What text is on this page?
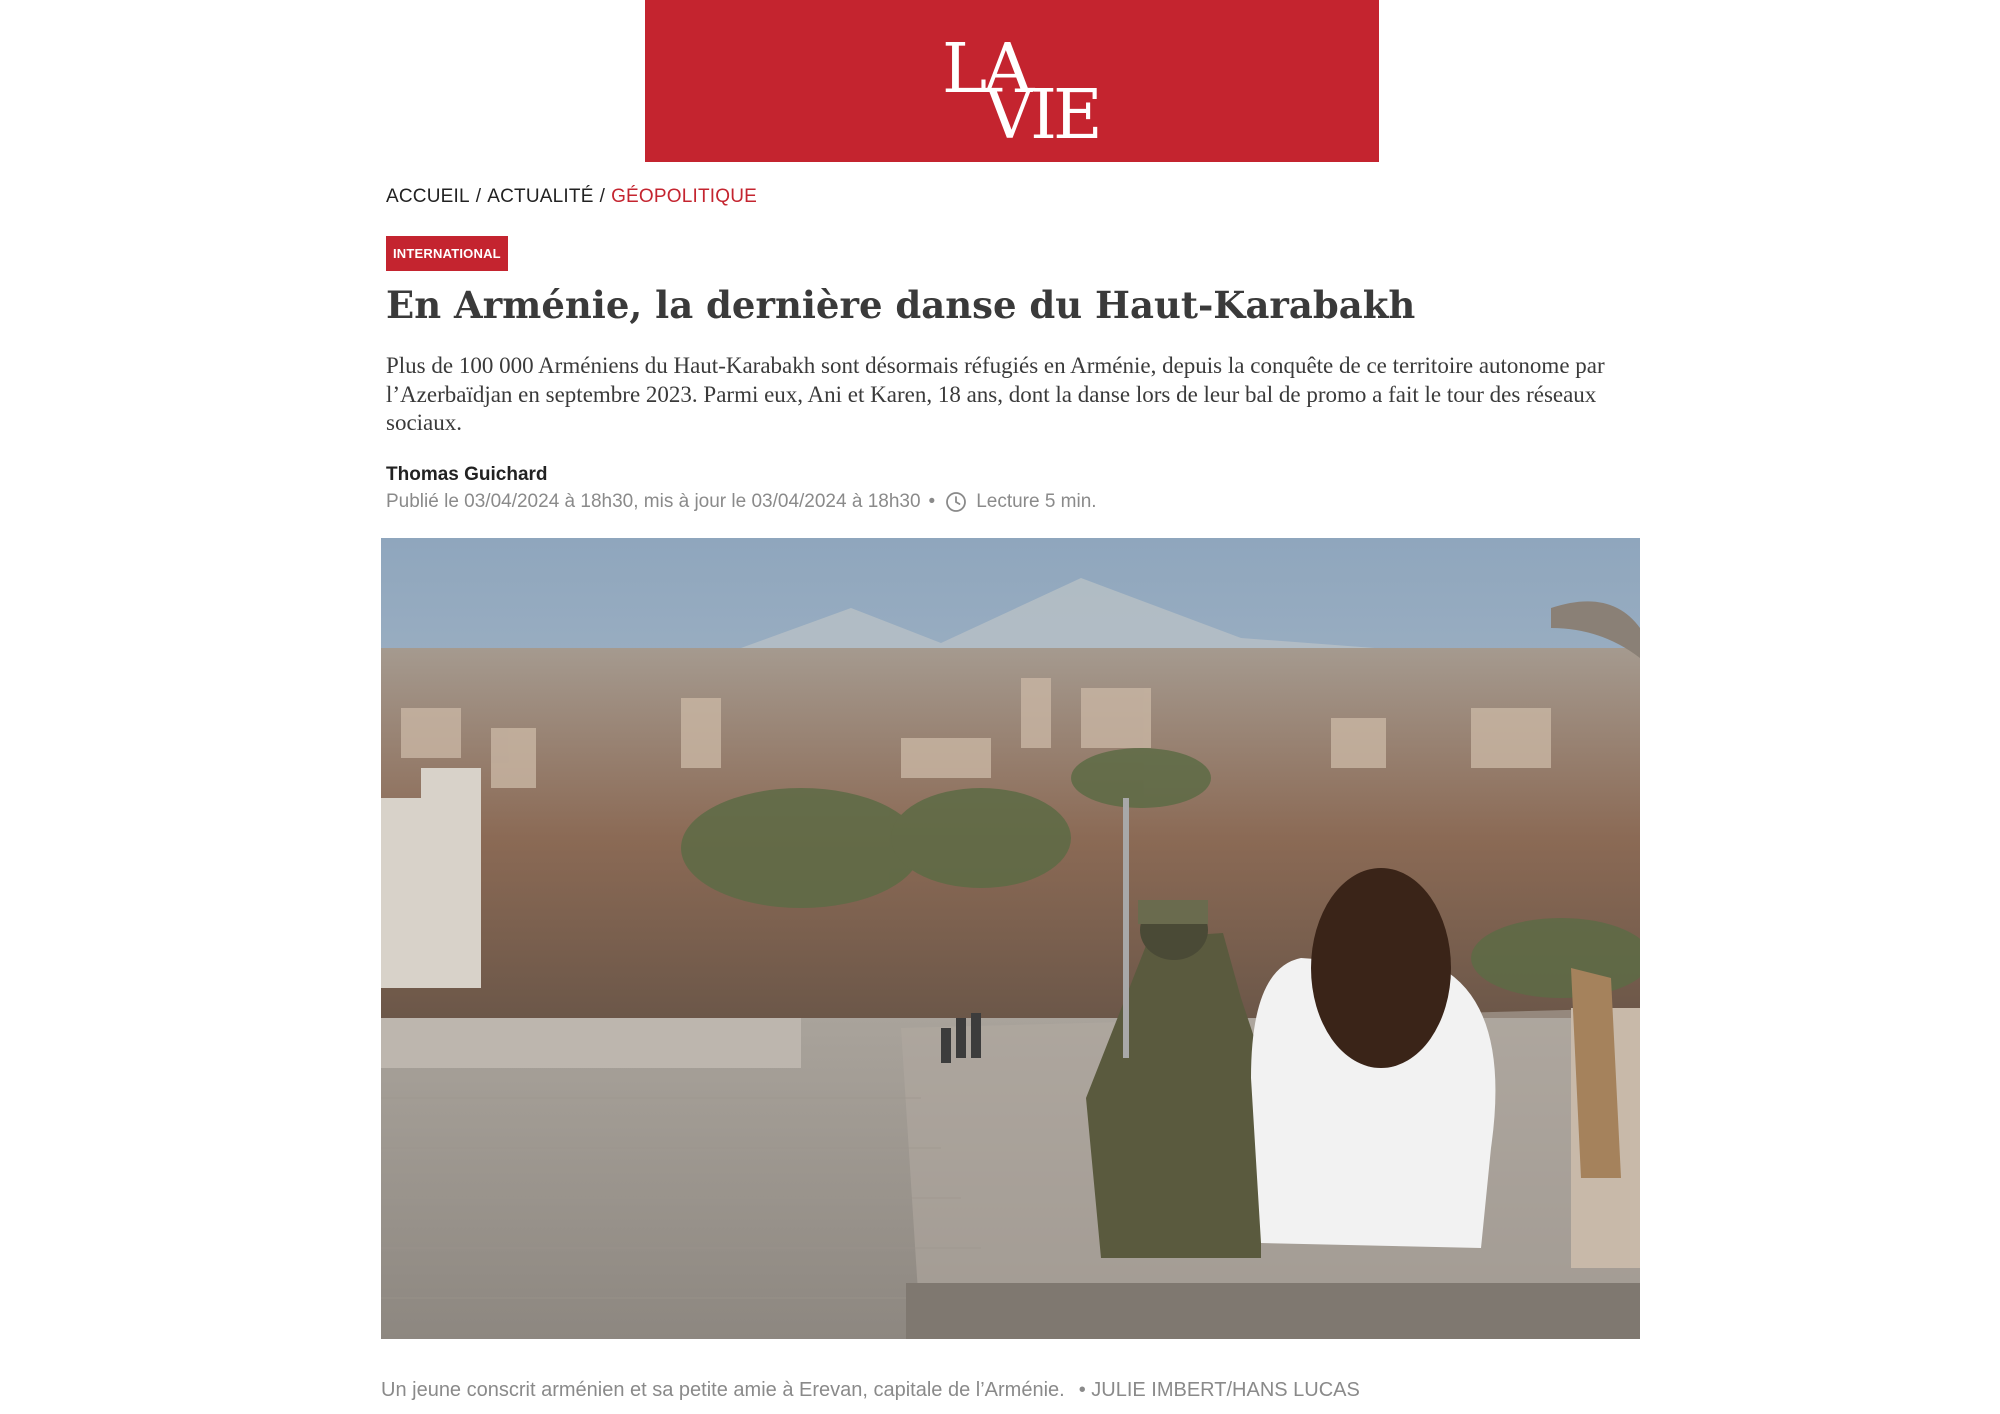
LA
VIE
ACCUEIL / ACTUALITÉ / GÉOPOLITIQUE
INTERNATIONAL
En Arménie, la dernière danse du Haut-Karabakh

Plus de 100 000 Arméniens du Haut-Karabakh sont désormais réfugiés en Arménie, depuis la conquête de ce territoire autonome par l’Azerbaïdjan en septembre 2023. Parmi eux, Ani et Karen, 18 ans, dont la danse lors de leur bal de promo a fait le tour des réseaux sociaux.

Thomas Guichard
Publié le 03/04/2024 à 18h30, mis à jour le 03/04/2024 à 18h30 • Lecture 5 min.
Un jeune conscrit arménien et sa petite amie à Erevan, capitale de l’Arménie. • JULIE IMBERT/HANS LUCAS
